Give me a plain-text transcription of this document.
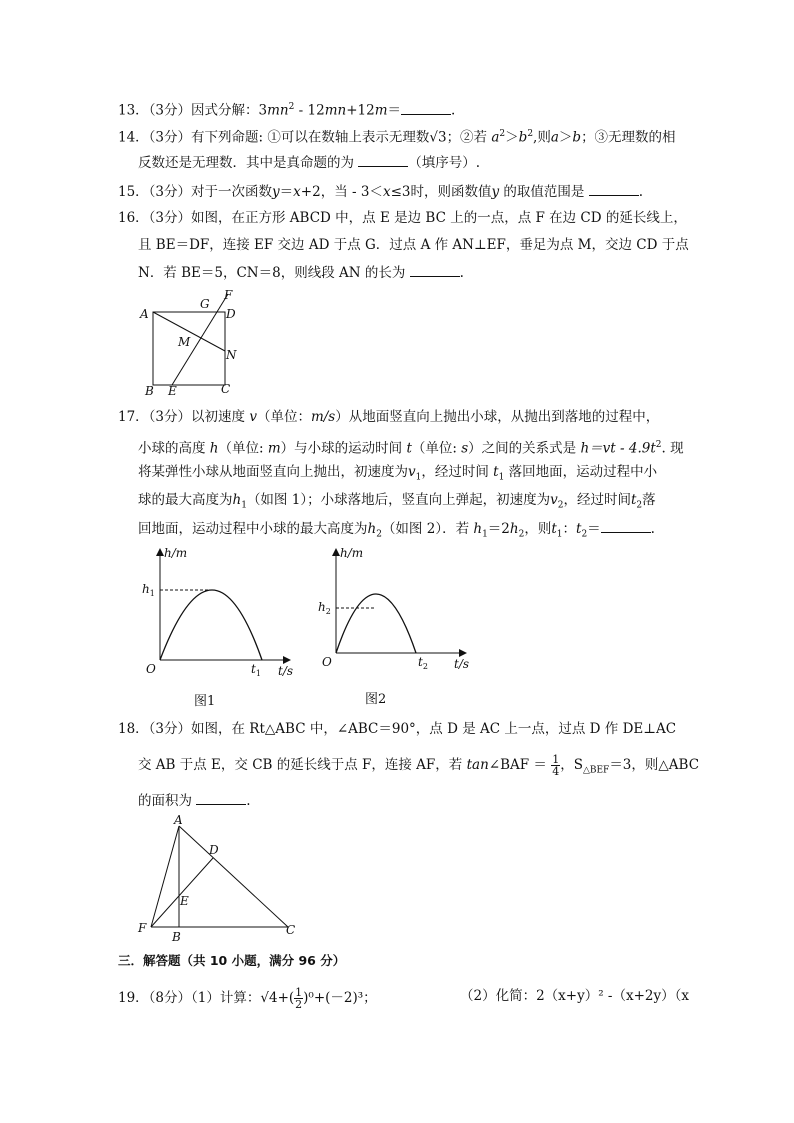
13．（3分）因式分解：$3mn^2 - 12mn+12m=$	.
14．（3分）有下列命题: ①可以在数轴上表示无理数√3；②若 $a^2>b^2$,则a＞b；③无理数的相
反数还是无理数．其中是真命题的为	（填序号）.
15．（3分）对于一次函数y＝x+2，当 - 3＜x≤3时，则函数值y 的取值范围是	.
16．（3分）如图，在正方形 ABCD 中，点 E 是边 BC 上的一点，点 F 在边 CD 的延长线上，
且 BE＝DF，连接 EF 交边 AD 于点 G．过点 A 作 AN⊥EF，垂足为点 M，交边 CD 于点
N．若 BE＝5，CN＝8，则线段 AN 的长为	.
A
B	C
D
E
F
G
M
N
17．（3分）以初速度 v（单位：m/s）从地面竖直向上抛出小球，从抛出到落地的过程中，
小球的高度 h（单位: m）与小球的运动时间 t（单位: s）之间的关系式是 $h=vt - 4.9t^2$. 现
将某弹性小球从地面竖直向上抛出，初速度为$v_1$，经过时间 $t_1$ 落回地面，运动过程中小
球的最大高度为$h_1$（如图 1）；小球落地后，竖直向上弹起，初速度为$v_2$，经过时间$t_2$落
回地面，运动过程中小球的最大高度为$h_2$（如图 2）．若 $h_1=2h_2$，则$t_1$：$t_2=$	.
h/m
$h_1$
O	$t_1$ t/s
图1
h/m
$h_2$
O	$t_2$ t/s
图2
18．（3分）如图，在 Rt△ABC 中，∠ABC＝90°，点 D 是 AC 上一点，过点 D 作 DE⊥AC
交 AB 于点 E，交 CB 的延长线于点 F，连接 AF，若 tan∠BAF ＝ $\frac{1}{4}$ ，$S_{\triangle BEF}=3$，则△ABC
的面积为	.
A
B	C
D
E
F
三．解答题（共 10 小题，满分 96 分）
19．（8分）（1）计算：$√4+( \frac{1}{2} )^0+(-2)^3$；	（2）化简：2（x+y）² -（x+2y）（x
